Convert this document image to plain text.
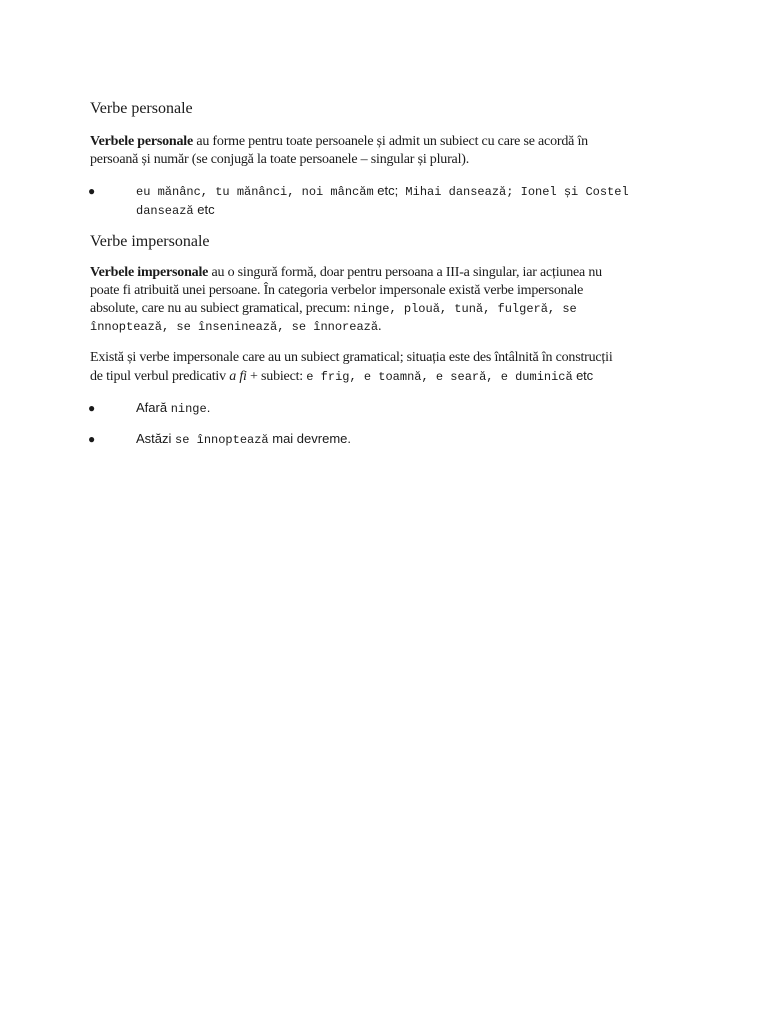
Verbe personale

Verbele personale au forme pentru toate persoanele și admit un subiect cu care se acordă în
persoană și număr (se conjugă la toate persoanele – singular și plural).

●	eu mănânc, tu mănânci, noi mâncăm etc; Mihai dansează; Ionel și Costel
dansează etc
Verbe impersonale

Verbele impersonale au o singură formă, doar pentru persoana a III-a singular, iar acțiunea nu
poate fi atribuită unei persoane. În categoria verbelor impersonale există verbe impersonale
absolute, care nu au subiect gramatical, precum: ninge, plouă, tună, fulgeră, se
înnoptează, se înseninează, se înnorează.

Există și verbe impersonale care au un subiect gramatical; situația este des întâlnită în construcții
de tipul verbul predicativ a fi + subiect: e frig, e toamnă, e seară, e duminică etc

●	Afară ninge.
●	Astăzi se înnoptează mai devreme.
